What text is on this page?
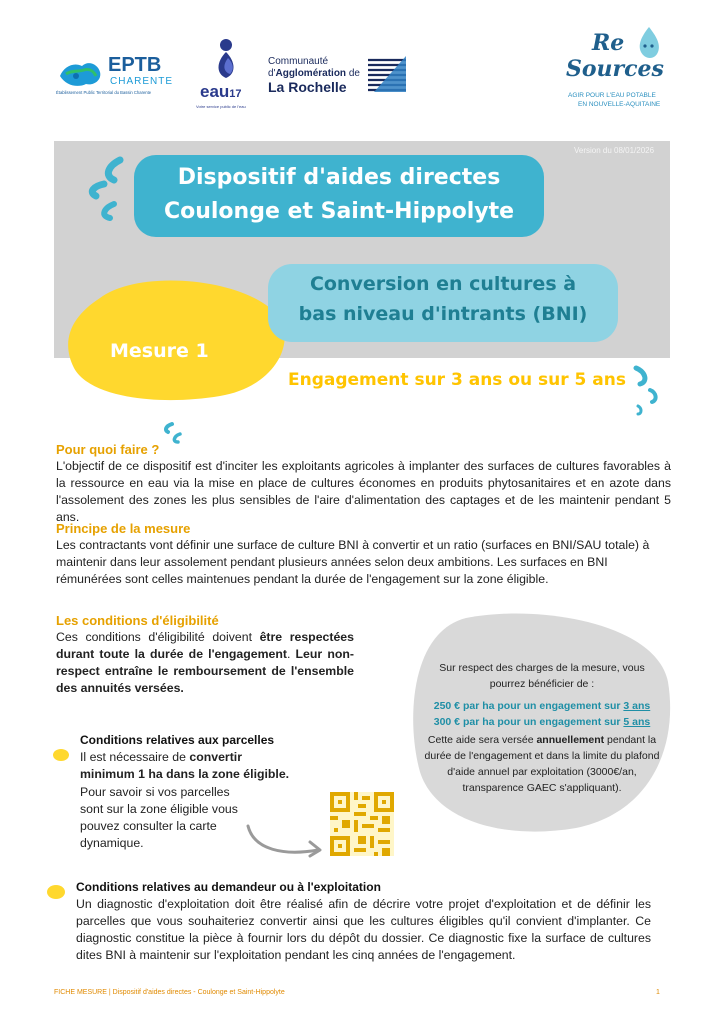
EPTB
CHARENTE
Établissement Public Territorial du Bassin Charente	eau17
Votre service public de l'eau
Communauté
d'Agglomération de
La Rochelle
Re
Sources
AGIR POUR L'EAU POTABLE
EN NOUVELLE-AQUITAINE
Version du 08/01/2026
Dispositif d'aides directes
Coulonge et Saint-Hippolyte
Mesure 1
Conversion en cultures à
bas niveau d'intrants (BNI)
Engagement sur 3 ans ou sur 5 ans
Pour quoi faire ?
L'objectif de ce dispositif est d'inciter les exploitants agricoles à implanter des surfaces de cultures favorables à la ressource en eau via la mise en place de cultures économes en produits phytosanitaires et en azote dans l'assolement des zones les plus sensibles de l'aire d'alimentation des captages et de les maintenir pendant 5 ans.
Principe de la mesure
Les contractants vont définir une surface de culture BNI à convertir et un ratio (surfaces en BNI/SAU totale) à maintenir dans leur assolement pendant plusieurs années selon deux ambitions. Les surfaces en BNI rémunérées sont celles maintenues pendant la durée de l'engagement sur la zone éligible.
Les conditions d'éligibilité
Ces conditions d'éligibilité doivent être respectées durant toute la durée de l'engagement. Leur non-respect entraîne le remboursement de l'ensemble des annuités versées.
Sur respect des charges de la mesure, vous pourrez bénéficier de :
250 € par ha pour un engagement sur 3 ans
300 € par ha pour un engagement sur 5 ans
Cette aide sera versée annuellement pendant la durée de l'engagement et dans la limite du plafond d'aide annuel par exploitation (3000€/an, transparence GAEC s'appliquant).
Conditions relatives aux parcelles
Il est nécessaire de convertir minimum 1 ha dans la zone éligible.
Pour savoir si vos parcelles sont sur la zone éligible vous pouvez consulter la carte dynamique.
Conditions relatives au demandeur ou à l'exploitation
Un diagnostic d'exploitation doit être réalisé afin de décrire votre projet d'exploitation et de définir les parcelles que vous souhaiteriez convertir ainsi que les cultures éligibles qu'il convient d'implanter. Ce diagnostic constitue la pièce à fournir lors du dépôt du dossier. Ce diagnostic fixe la surface de cultures dites BNI à maintenir sur l'exploitation pendant les cinq années de l'engagement.
FICHE MESURE | Dispositif d'aides directes - Coulonge et Saint-Hippolyte	1
